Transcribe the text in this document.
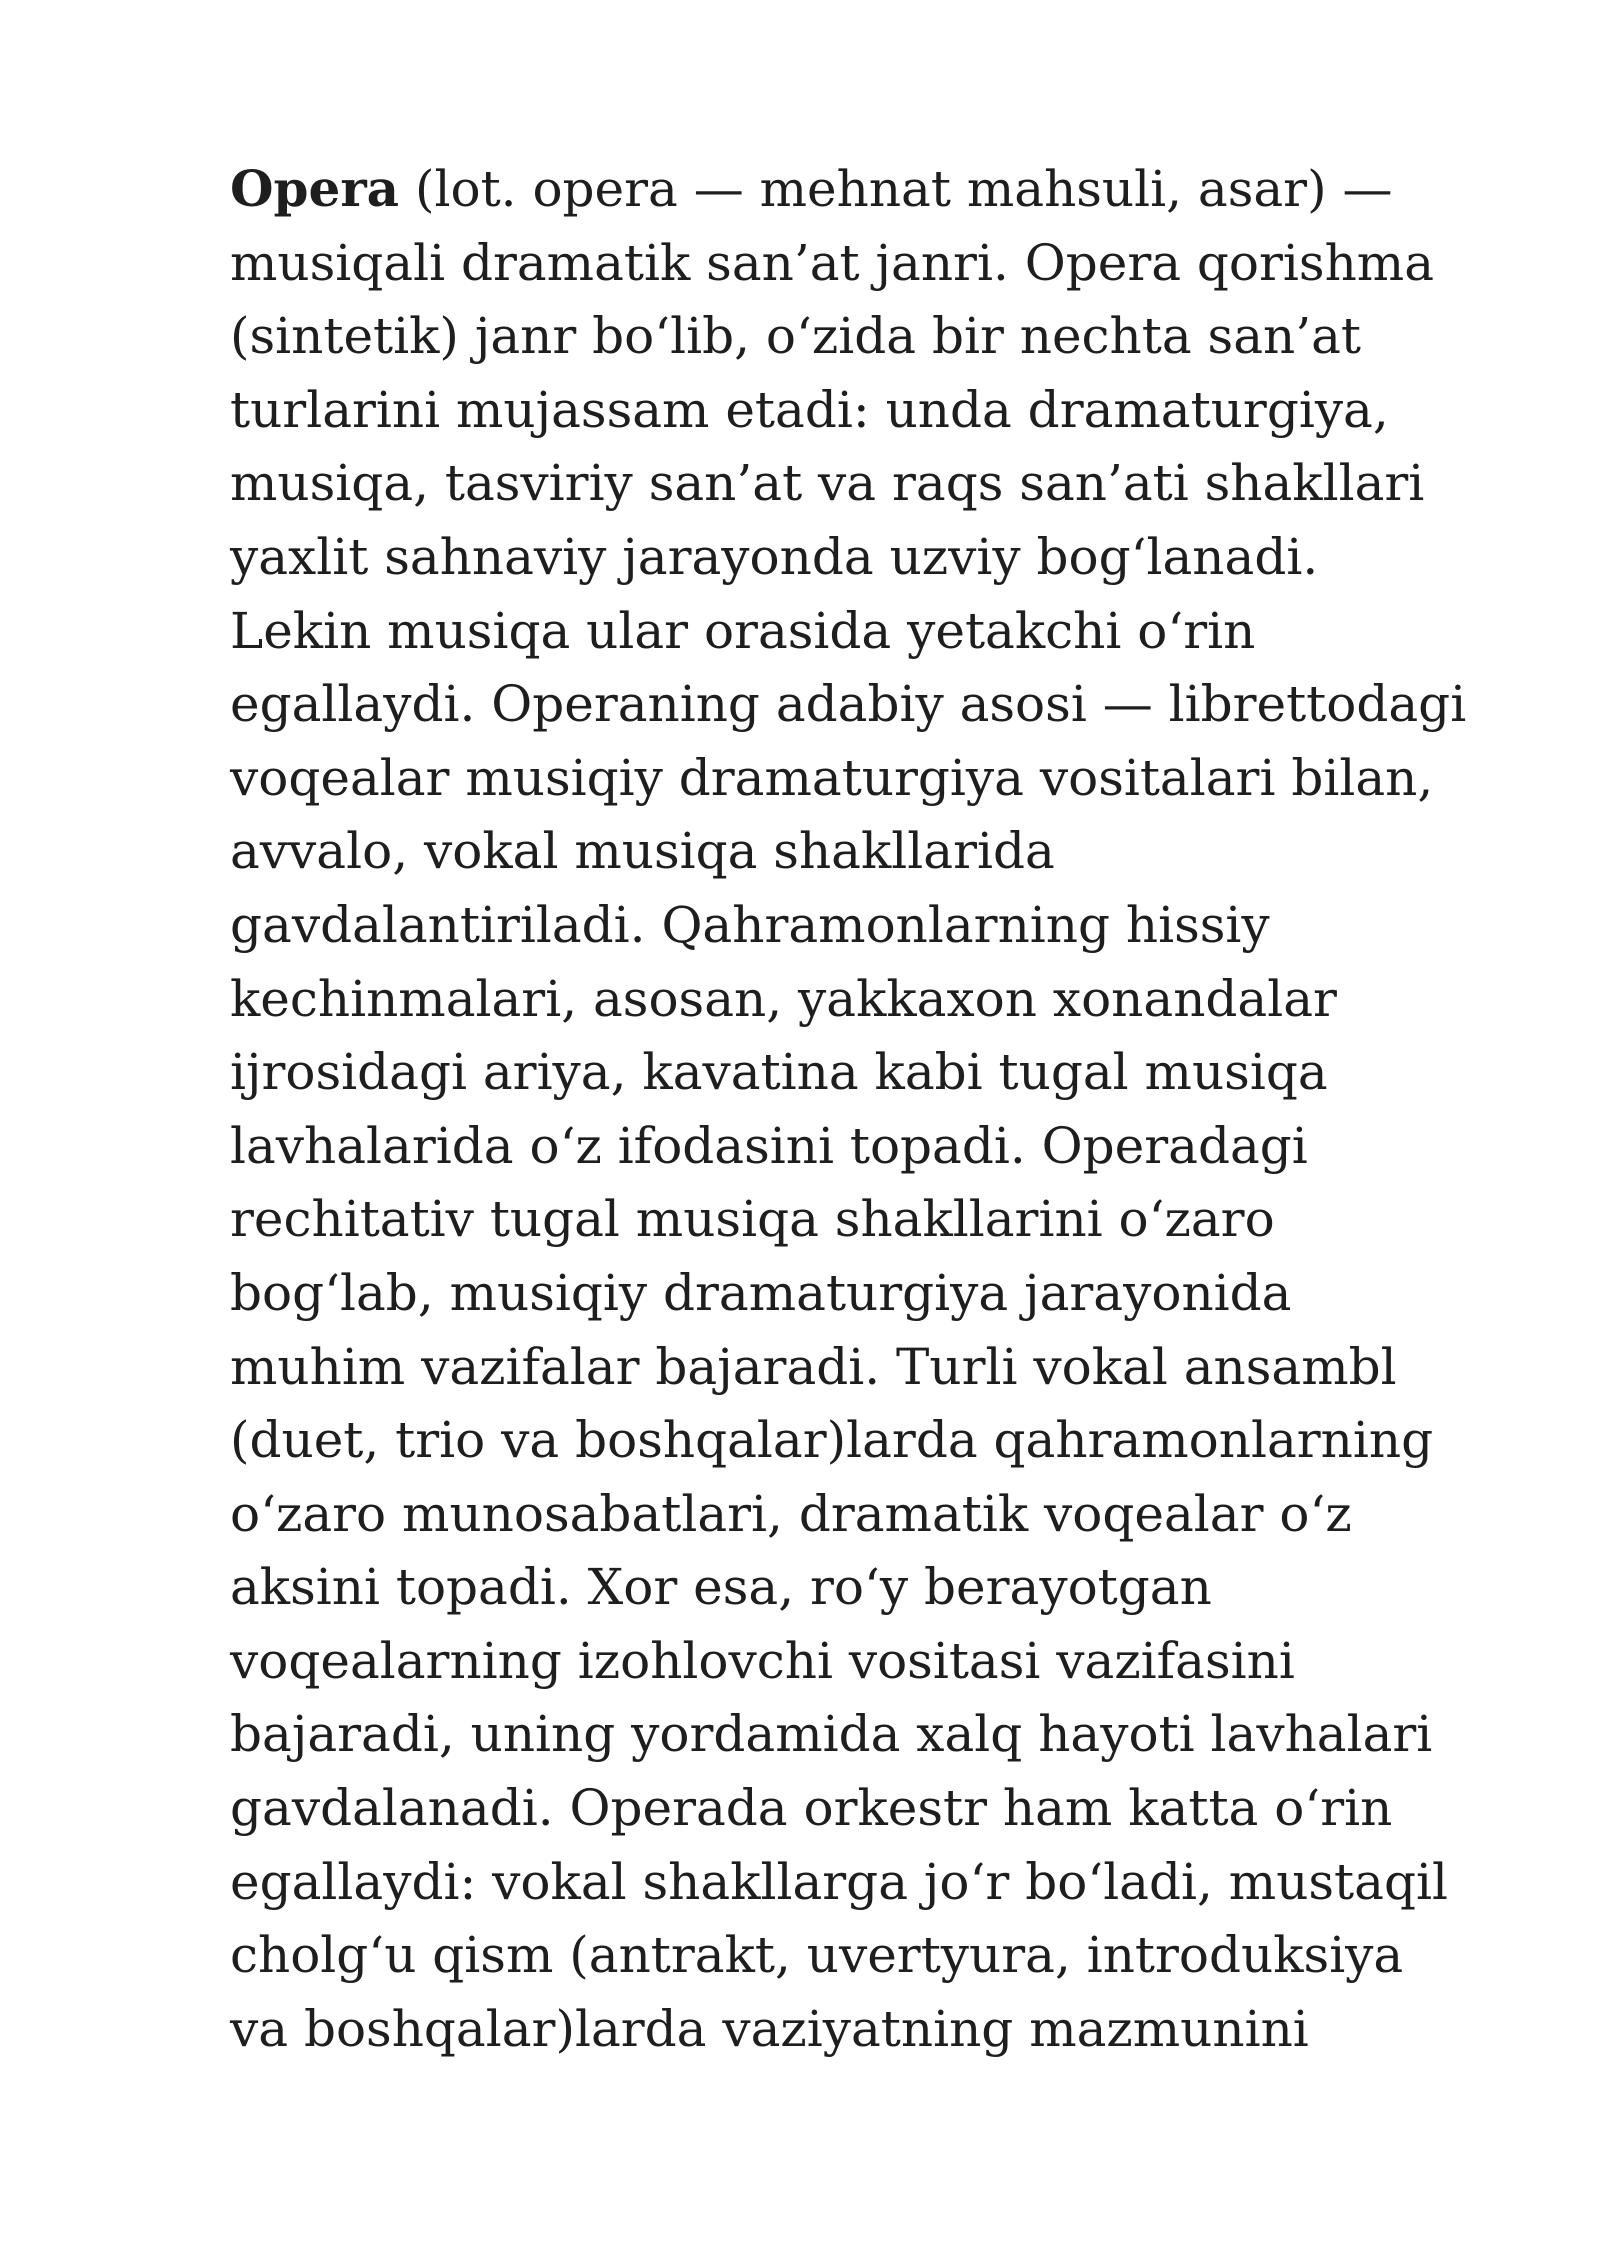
Opera (lot. opera — mehnat mahsuli, asar) —
musiqali dramatik san’at janri. Opera qorishma
(sintetik) janr bo‘lib, o‘zida bir nechta san’at
turlarini mujassam etadi: unda dramaturgiya,
musiqa, tasviriy san’at va raqs san’ati shakllari
yaxlit sahnaviy jarayonda uzviy bog‘lanadi.
Lekin musiqa ular orasida yetakchi o‘rin
egallaydi. Operaning adabiy asosi — librettodagi
voqealar musiqiy dramaturgiya vositalari bilan,
avvalo, vokal musiqa shakllarida
gavdalantiriladi. Qahramonlarning hissiy
kechinmalari, asosan, yakkaxon xonandalar
ijrosidagi ariya, kavatina kabi tugal musiqa
lavhalarida o‘z ifodasini topadi. Operadagi
rechitativ tugal musiqa shakllarini o‘zaro
bog‘lab, musiqiy dramaturgiya jarayonida
muhim vazifalar bajaradi. Turli vokal ansambl
(duet, trio va boshqalar)larda qahramonlarning
o‘zaro munosabatlari, dramatik voqealar o‘z
aksini topadi. Xor esa, ro‘y berayotgan
voqealarning izohlovchi vositasi vazifasini
bajaradi, uning yordamida xalq hayoti lavhalari
gavdalanadi. Operada orkestr ham katta o‘rin
egallaydi: vokal shakllarga jo‘r bo‘ladi, mustaqil
cholg‘u qism (antrakt, uvertyura, introduksiya
va boshqalar)larda vaziyatning mazmunini
